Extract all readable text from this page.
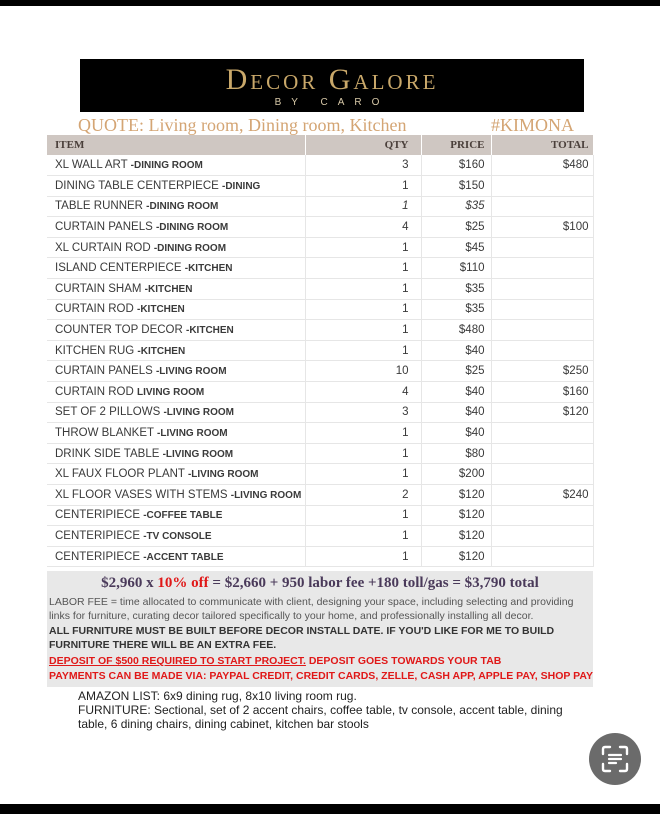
Decor Galore
BY CARO
QUOTE: Living room, Dining room, Kitchen	#KIMONA
ITEM	QTY	PRICE	TOTAL
XL WALL ART -DINING ROOM	3	$160	$480
DINING TABLE CENTERPIECE -DINING	1	$150	
TABLE RUNNER -DINING ROOM	1	$35	
CURTAIN PANELS -DINING ROOM	4	$25	$100
XL CURTAIN ROD -DINING ROOM	1	$45	
ISLAND CENTERPIECE -KITCHEN	1	$110	
CURTAIN SHAM -KITCHEN	1	$35	
CURTAIN ROD -KITCHEN	1	$35	
COUNTER TOP DECOR -KITCHEN	1	$480	
KITCHEN RUG -KITCHEN	1	$40	
CURTAIN PANELS -LIVING ROOM	10	$25	$250
CURTAIN ROD LIVING ROOM	4	$40	$160
SET OF 2 PILLOWS -LIVING ROOM	3	$40	$120
THROW BLANKET -LIVING ROOM	1	$40	
DRINK SIDE TABLE -LIVING ROOM	1	$80	
XL FAUX FLOOR PLANT -LIVING ROOM	1	$200	
XL FLOOR VASES WITH STEMS -LIVING ROOM	2	$120	$240
CENTERIPIECE -COFFEE TABLE	1	$120	
CENTERIPIECE -TV CONSOLE	1	$120	
CENTERIPIECE -ACCENT TABLE	1	$120	
$2,960 x 10% off = $2,660 + 950 labor fee +180 toll/gas = $3,790 total
LABOR FEE = time allocated to communicate with client, designing your space, including selecting and providing links for furniture, curating decor tailored specifically to your home, and professionally installing all decor.
ALL FURNITURE MUST BE BUILT BEFORE DECOR INSTALL DATE. IF YOU'D LIKE FOR ME TO BUILD FURNITURE THERE WILL BE AN EXTRA FEE.
DEPOSIT OF $500 REQUIRED TO START PROJECT. DEPOSIT GOES TOWARDS YOUR TAB
PAYMENTS CAN BE MADE VIA: PAYPAL CREDIT, CREDIT CARDS, ZELLE, CASH APP, APPLE PAY, SHOP PAY
AMAZON LIST: 6x9 dining rug, 8x10 living room rug.
FURNITURE: Sectional, set of 2 accent chairs, coffee table, tv console, accent table, dining table, 6 dining chairs, dining cabinet, kitchen bar stools
